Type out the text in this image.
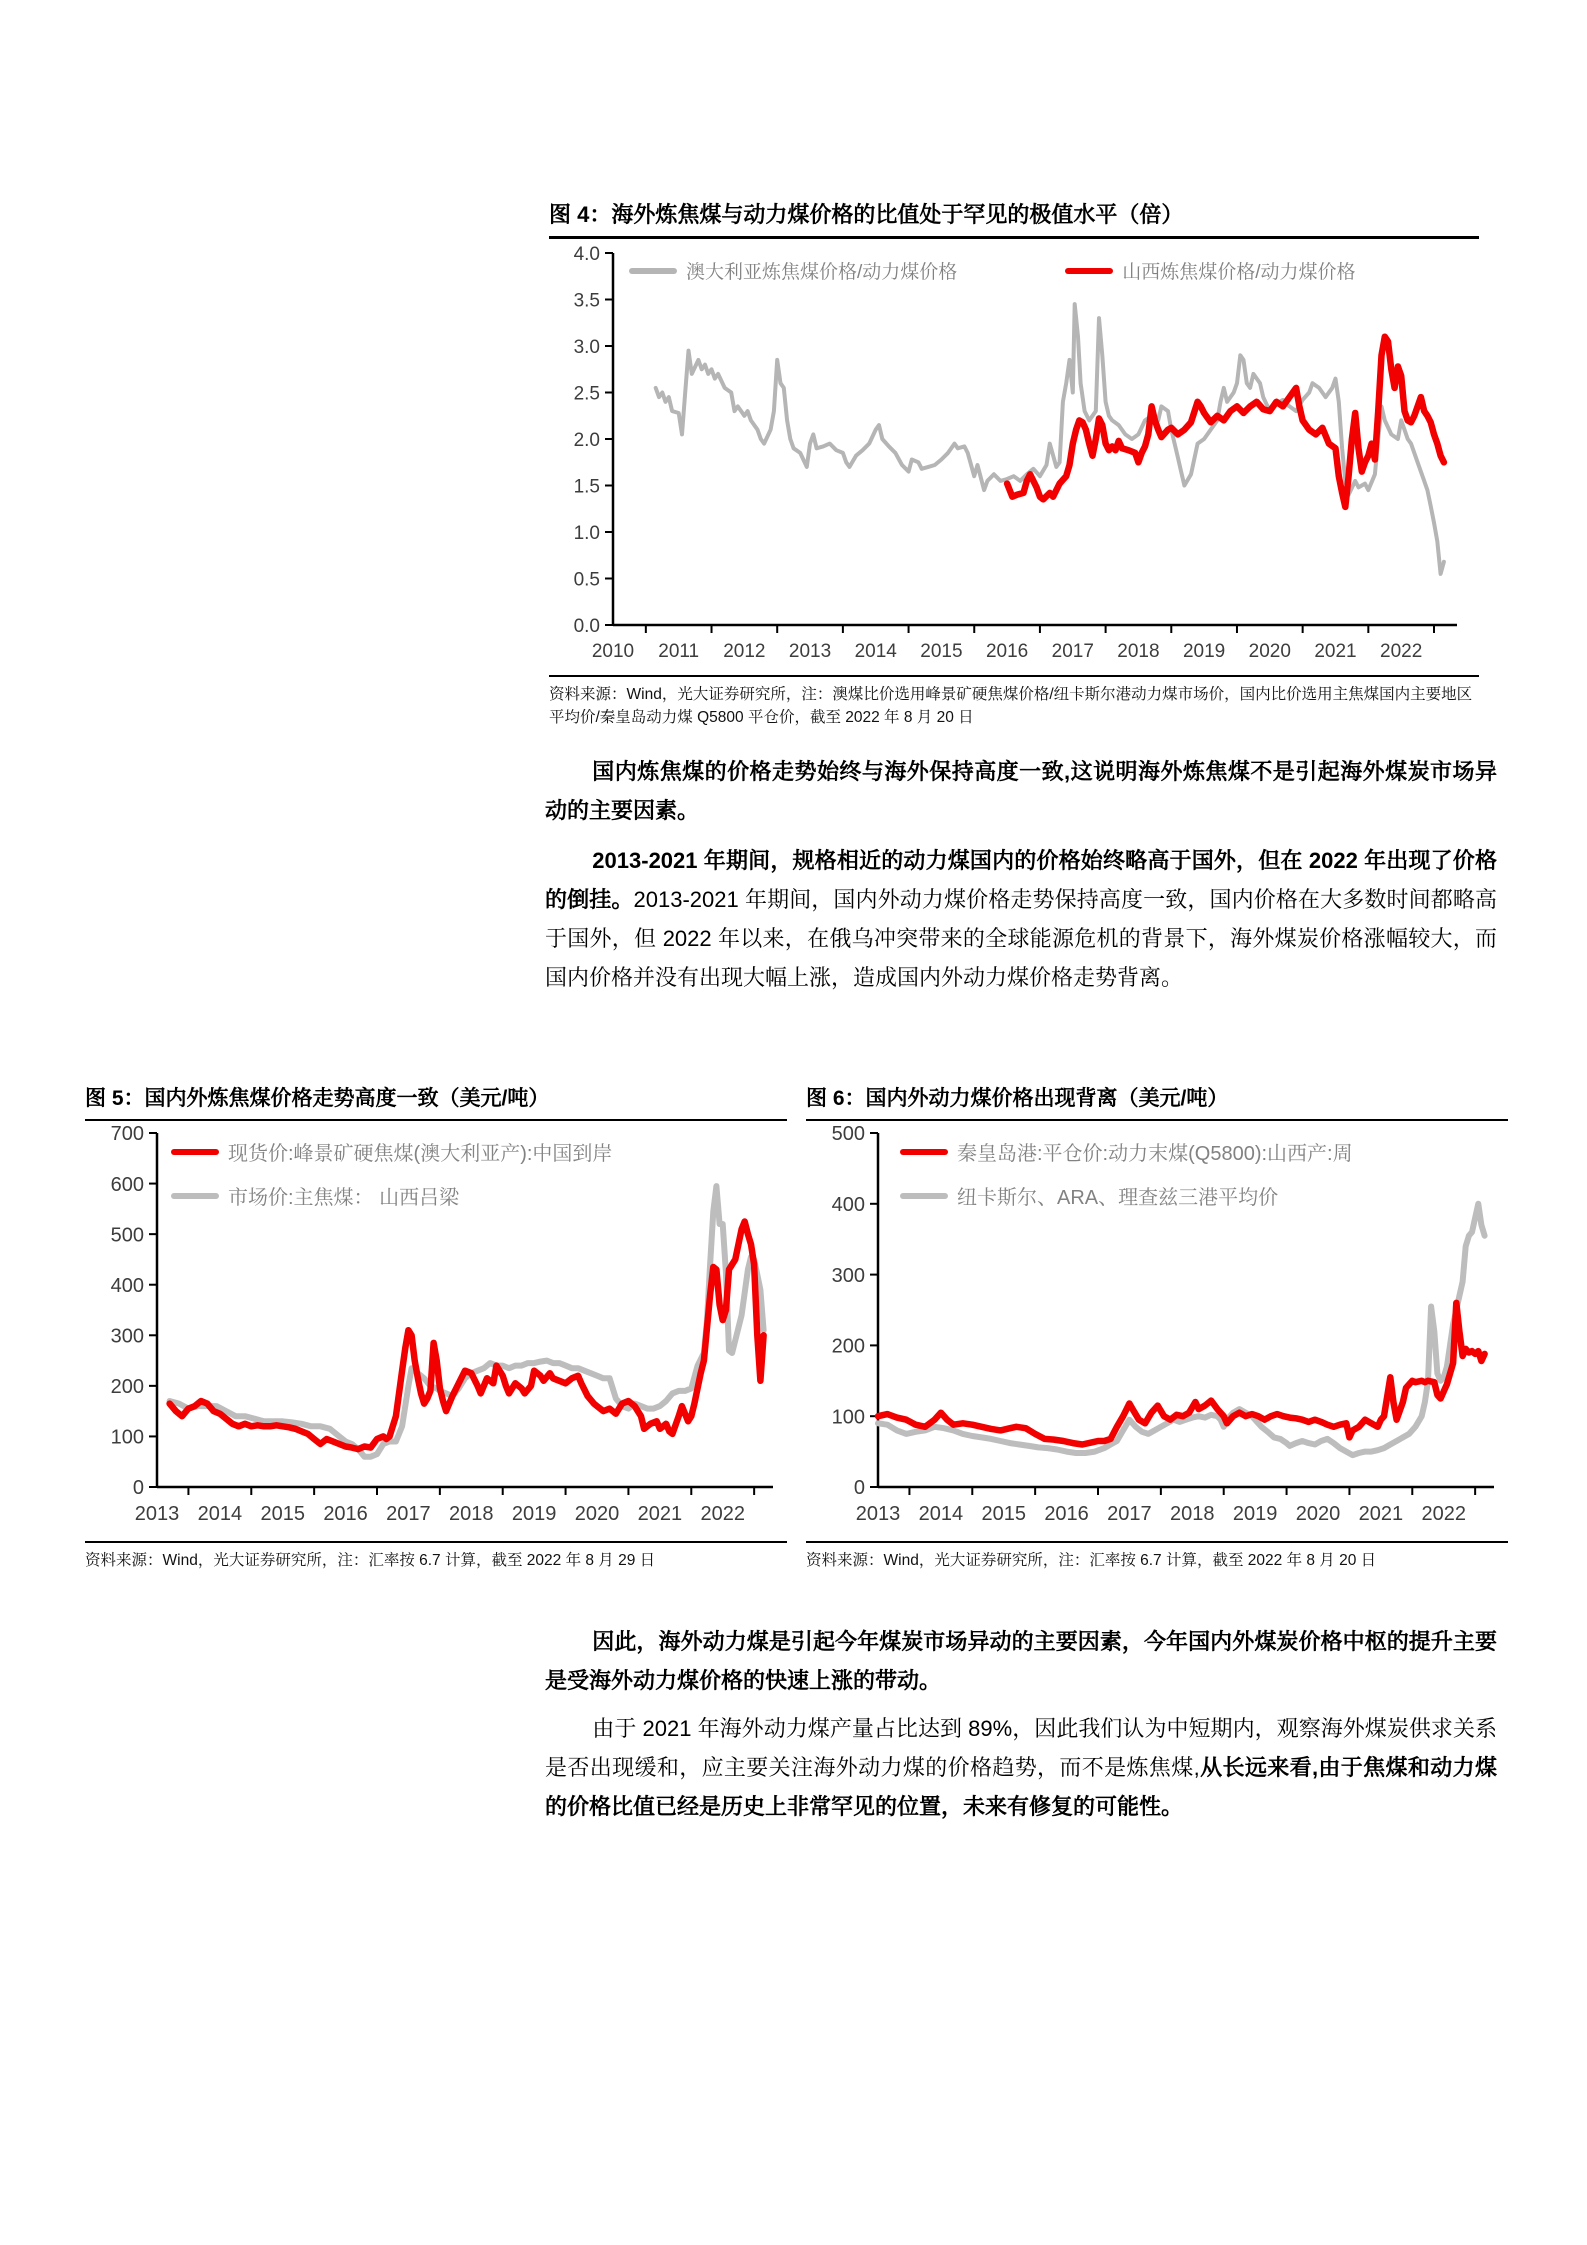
图 4：海外炼焦煤与动力煤价格的比值处于罕见的极值水平（倍）
0.0
0.5
1.0
1.5
2.0
2.5
3.0
3.5
4.0
2010 2011 2012 2013 2014 2015 2016 2017 2018 2019 2020 2021 2022
澳大利亚炼焦煤价格/动力煤价格	山西炼焦煤价格/动力煤价格
资料来源：Wind，光大证券研究所，注：澳煤比价选用峰景矿硬焦煤价格/纽卡斯尔港动力煤市场价，国内比价选用主焦煤国内主要地区平均价/秦皇岛动力煤 Q5800 平仓价，截至 2022 年 8 月 20 日

国内炼焦煤的价格走势始终与海外保持高度一致,这说明海外炼焦煤不是引起海外煤炭市场异动的主要因素。

2013-2021 年期间，规格相近的动力煤国内的价格始终略高于国外，但在 2022 年出现了价格的倒挂。2013-2021 年期间，国内外动力煤价格走势保持高度一致，国内价格在大多数时间都略高于国外，但 2022 年以来，在俄乌冲突带来的全球能源危机的背景下，海外煤炭价格涨幅较大，而国内价格并没有出现大幅上涨，造成国内外动力煤价格走势背离。

图 5：国内外炼焦煤价格走势高度一致（美元/吨）
0
100
200
300
400
500
600
700
2013 2014 2015 2016 2017 2018 2019 2020 2021 2022
现货价:峰景矿硬焦煤(澳大利亚产):中国到岸
市场价:主焦煤： 山西吕梁
资料来源：Wind，光大证券研究所，注：汇率按 6.7 计算，截至 2022 年 8 月 29 日
图 6：国内外动力煤价格出现背离（美元/吨）
0
100
200
300
400
500
2013 2014 2015 2016 2017 2018 2019 2020 2021 2022
秦皇岛港:平仓价:动力末煤(Q5800):山西产:周
纽卡斯尔、ARA、理查兹三港平均价
资料来源：Wind，光大证券研究所，注：汇率按 6.7 计算，截至 2022 年 8 月 20 日

因此，海外动力煤是引起今年煤炭市场异动的主要因素，今年国内外煤炭价格中枢的提升主要是受海外动力煤价格的快速上涨的带动。

由于 2021 年海外动力煤产量占比达到 89%，因此我们认为中短期内，观察海外煤炭供求关系是否出现缓和，应主要关注海外动力煤的价格趋势，而不是炼焦煤,从长远来看,由于焦煤和动力煤的价格比值已经是历史上非常罕见的位置，未来有修复的可能性。
